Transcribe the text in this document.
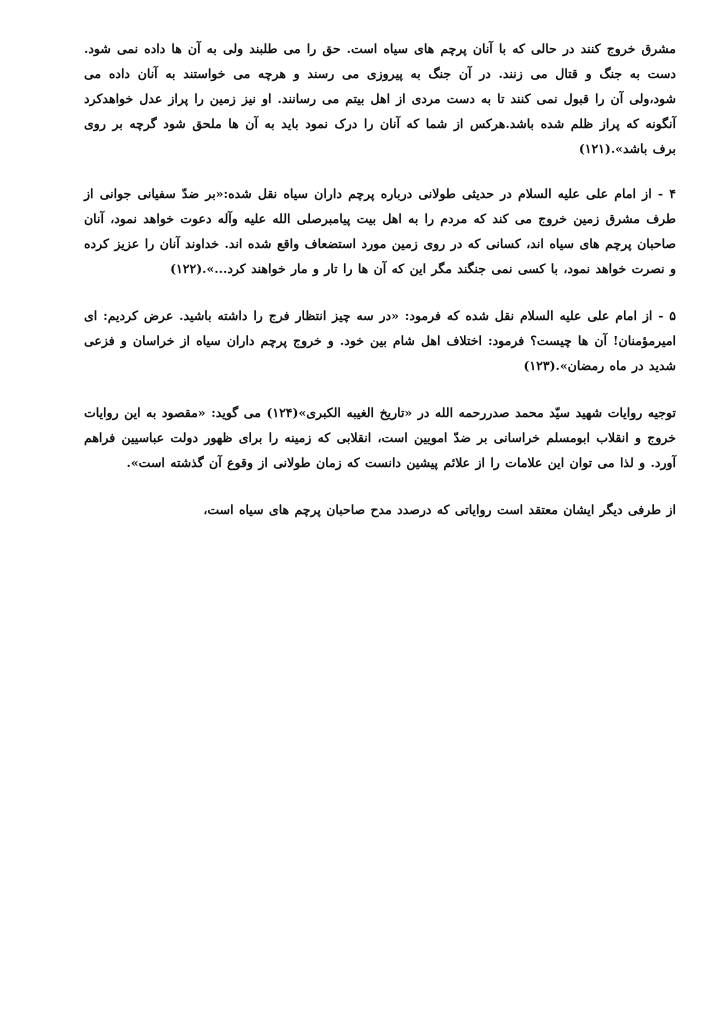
مشرق خروج کنند در حالی که با آنان پرچم های سیاه است. حق را می طلبند ولی به آن ها داده نمی شود. دست به جنگ و قتال می زنند. در آن جنگ به پیروزی می رسند و هرچه می خواستند به آنان داده می شود،ولی آن را قبول نمی کنند تا به دست مردی از اهل بیتم می رسانند. او نیز زمین را پراز عدل خواهدکرد آنگونه که پراز ظلم شده باشد.هرکس از شما که آنان را درک نمود باید به آن ها ملحق شود گرچه بر روی برف باشد».(۱۲۱)

۴ - از امام علی علیه السلام در حدیثی طولانی درباره پرچم داران سیاه نقل شده:«بر ضدّ سفیانی جوانی از طرف مشرق زمین خروج می کند که مردم را به اهل بیت پیامبرصلی الله علیه وآله دعوت خواهد نمود، آنان صاحبان پرچم های سیاه اند، کسانی که در روی زمین مورد استضعاف واقع شده اند. خداوند آنان را عزیز کرده و نصرت خواهد نمود، با کسی نمی جنگند مگر این که آن ها را تار و مار خواهند کرد...».(۱۲۲)

۵ - از امام علی علیه السلام نقل شده که فرمود: «در سه چیز انتظار فرج را داشته باشید. عرض کردیم: ای امیرمؤمنان! آن ها چیست؟ فرمود: اختلاف اهل شام بین خود. و خروج پرچم داران سیاه از خراسان و فزعی شدید در ماه رمضان».(۱۲۳)

توجیه روایات شهید سیّد محمد صدررحمه الله در «تاریخ الغیبه الکبری»(۱۲۴) می گوید: «مقصود به این روایات خروج و انقلاب ابومسلم خراسانی بر ضدّ امویین است، انقلابی که زمینه را برای ظهور دولت عباسیین فراهم آورد. و لذا می توان این علامات را از علائم پیشین دانست که زمان طولانی از وقوع آن گذشته است».

از طرفی دیگر ایشان معتقد است روایاتی که درصدد مدح صاحبان پرچم های سیاه است،
